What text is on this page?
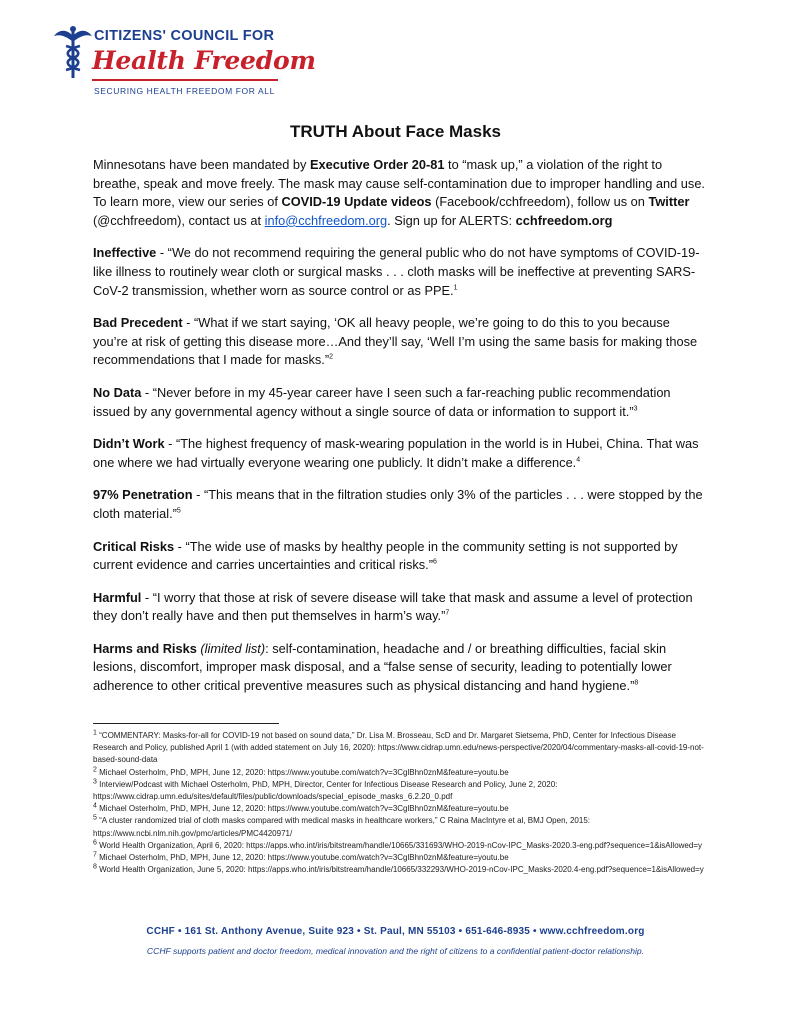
CITIZENS' COUNCIL FOR
Health Freedom
SECURING HEALTH FREEDOM FOR ALL
TRUTH About Face Masks

Minnesotans have been mandated by Executive Order 20-81 to “mask up,” a violation of the right to breathe, speak and move freely. The mask may cause self-contamination due to improper handling and use. To learn more, view our series of COVID-19 Update videos (Facebook/cchfreedom), follow us on Twitter (@cchfreedom), contact us at info@cchfreedom.org. Sign up for ALERTS: cchfreedom.org

Ineffective - “We do not recommend requiring the general public who do not have symptoms of COVID-19-like illness to routinely wear cloth or surgical masks . . . cloth masks will be ineffective at preventing SARS-CoV-2 transmission, whether worn as source control or as PPE.$^1$

Bad Precedent - “What if we start saying, ‘OK all heavy people, we’re going to do this to you because you’re at risk of getting this disease more…And they’ll say, ‘Well I’m using the same basis for making those recommendations that I made for masks.”$^2$

No Data - “Never before in my 45-year career have I seen such a far-reaching public recommendation issued by any governmental agency without a single source of data or information to support it.”$^3$

Didn’t Work - “The highest frequency of mask-wearing population in the world is in Hubei, China. That was one where we had virtually everyone wearing one publicly. It didn’t make a difference.$^4$

97% Penetration - “This means that in the filtration studies only 3% of the particles . . . were stopped by the cloth material.”$^5$

Critical Risks - “The wide use of masks by healthy people in the community setting is not supported by current evidence and carries uncertainties and critical risks.”$^6$

Harmful - “I worry that those at risk of severe disease will take that mask and assume a level of protection they don’t really have and then put themselves in harm’s way.”$^7$

Harms and Risks (limited list): self-contamination, headache and / or breathing difficulties, facial skin lesions, discomfort, improper mask disposal, and a “false sense of security, leading to potentially lower adherence to other critical preventive measures such as physical distancing and hand hygiene.”$^8$

$^1$ “COMMENTARY: Masks-for-all for COVID-19 not based on sound data,” Dr. Lisa M. Brosseau, ScD and Dr. Margaret Sietsema, PhD, Center for Infectious Disease Research and Policy, published April 1 (with added statement on July 16, 2020): https://www.cidrap.umn.edu/news-perspective/2020/04/commentary-masks-all-covid-19-not-based-sound-data
$^2$ Michael Osterholm, PhD, MPH, June 12, 2020: https://www.youtube.com/watch?v=3CglBhn0znM&feature=youtu.be
$^3$ Interview/Podcast with Michael Osterholm, PhD, MPH, Director, Center for Infectious Disease Research and Policy, June 2, 2020: https://www.cidrap.umn.edu/sites/default/files/public/downloads/special_episode_masks_6.2.20_0.pdf
$^4$ Michael Osterholm, PhD, MPH, June 12, 2020: https://www.youtube.com/watch?v=3CglBhn0znM&feature=youtu.be
$^5$ “A cluster randomized trial of cloth masks compared with medical masks in healthcare workers,” C Raina MacIntyre et al, BMJ Open, 2015: https://www.ncbi.nlm.nih.gov/pmc/articles/PMC4420971/
$^6$ World Health Organization, April 6, 2020: https://apps.who.int/iris/bitstream/handle/10665/331693/WHO-2019-nCov-IPC_Masks-2020.3-eng.pdf?sequence=1&isAllowed=y
$^7$ Michael Osterholm, PhD, MPH, June 12, 2020: https://www.youtube.com/watch?v=3CglBhn0znM&feature=youtu.be
$^8$ World Health Organization, June 5, 2020: https://apps.who.int/iris/bitstream/handle/10665/332293/WHO-2019-nCov-IPC_Masks-2020.4-eng.pdf?sequence=1&isAllowed=y
CCHF • 161 St. Anthony Avenue, Suite 923 • St. Paul, MN 55103 • 651-646-8935 • www.cchfreedom.org
CCHF supports patient and doctor freedom, medical innovation and the right of citizens to a confidential patient-doctor relationship.
